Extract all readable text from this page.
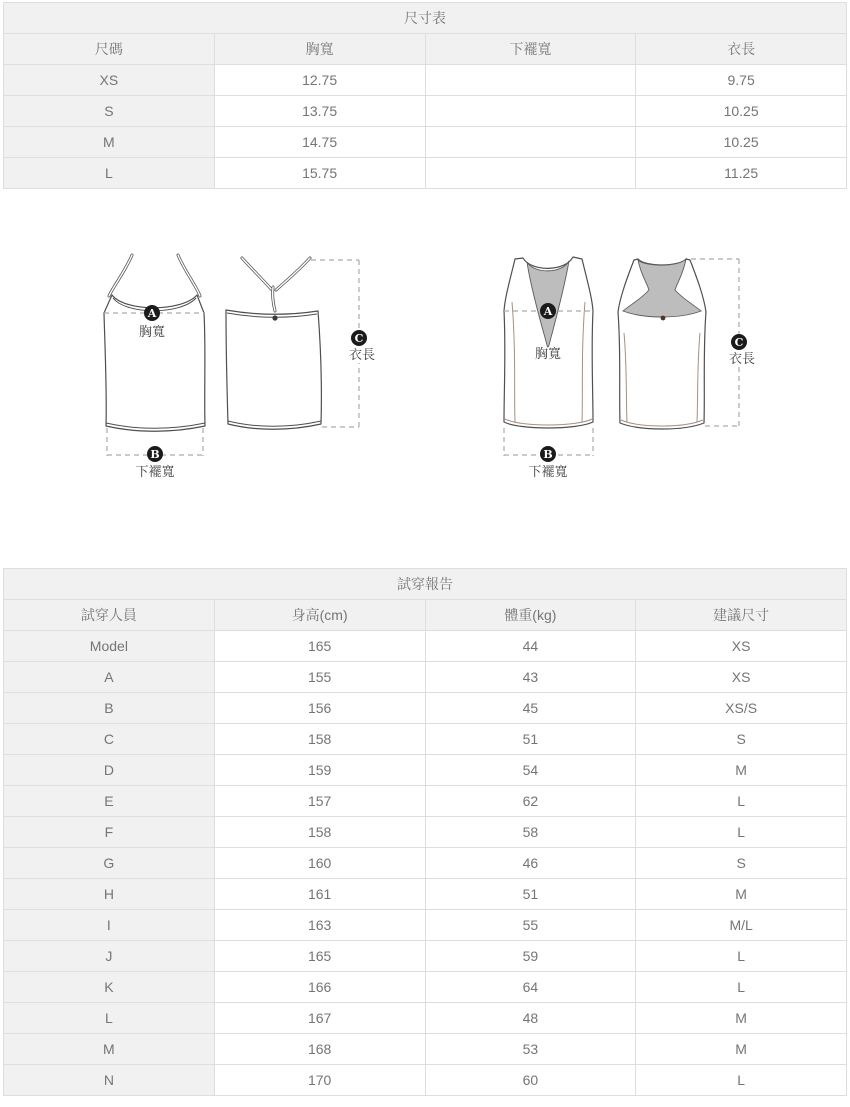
尺寸表			
尺碼	胸寬	下襬寬	衣長
XS	12.75		9.75
S	13.75		10.25
M	14.75		10.25
L	15.75		11.25
A
胸寬	C
衣長
B
下襬寬
A
胸寬
C
衣長
B
下襬寬
試穿報告			
試穿人員	身高(cm)	體重(kg)	建議尺寸
Model	165	44	XS
A	155	43	XS
B	156	45	XS/S
C	158	51	S
D	159	54	M
E	157	62	L
F	158	58	L
G	160	46	S
H	161	51	M
I	163	55	M/L
J	165	59	L
K	166	64	L
L	167	48	M
M	168	53	M
N	170	60	L
